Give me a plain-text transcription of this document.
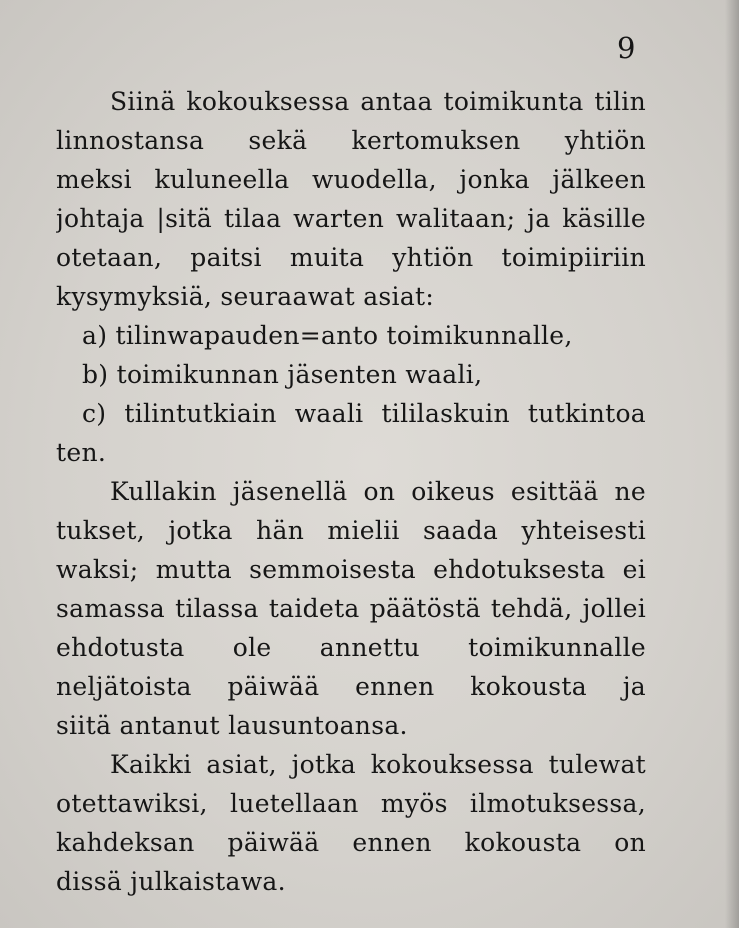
9
Siinä kokouksessa antaa toimikunta tilin
linnostansa sekä kertomuksen yhtiön
meksi kuluneella wuodella, jonka jälkeen
johtaja |sitä tilaa warten walitaan; ja käsille
otetaan, paitsi muita yhtiön toimipiiriin
kysymyksiä, seuraawat asiat:
a) tilinwapauden=anto toimikunnalle,
b) toimikunnan jäsenten waali,
c) tilintutkiain waali tililaskuin tutkintoa
ten.
Kullakin jäsenellä on oikeus esittää ne
tukset, jotka hän mielii saada yhteisesti
waksi; mutta semmoisesta ehdotuksesta ei
samassa tilassa taideta päätöstä tehdä, jollei
ehdotusta ole annettu toimikunnalle
neljätoista päiwää ennen kokousta ja
siitä antanut lausuntoansa.
Kaikki asiat, jotka kokouksessa tulewat
otettawiksi, luetellaan myös ilmotuksessa,
kahdeksan päiwää ennen kokousta on
dissä julkaistawa.
